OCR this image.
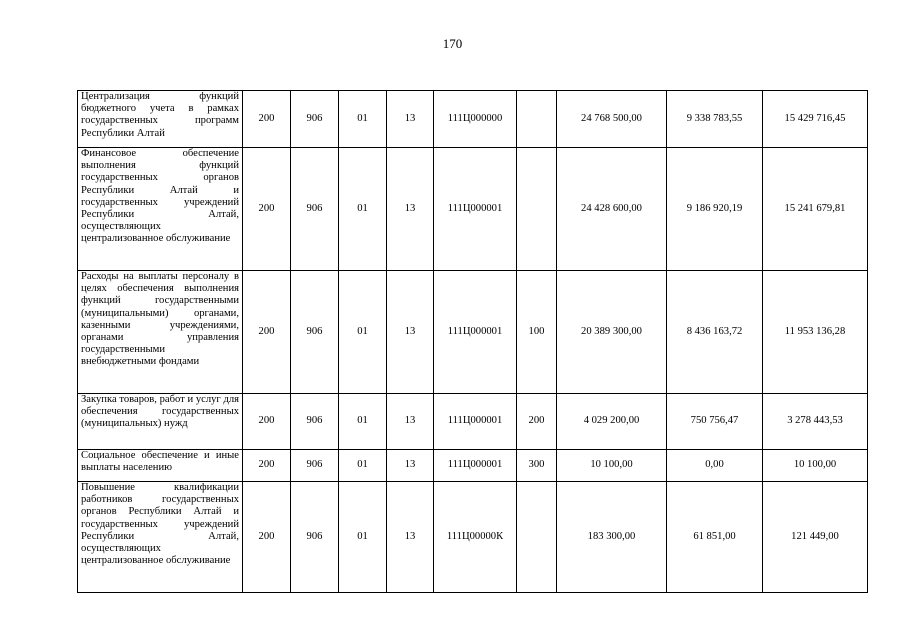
170
Централизация функций бюджетного учета в рамках государственных программ Республики Алтай	200	906	01	13	111Ц000000		24 768 500,00	9 338 783,55	15 429 716,45
Финансовое обеспечение выполнения функций государственных органов Республики Алтай и государственных учреждений Республики Алтай, осуществляющих централизованное обслуживание	200	906	01	13	111Ц000001		24 428 600,00	9 186 920,19	15 241 679,81
Расходы на выплаты персоналу в целях обеспечения выполнения функций государственными (муниципальными) органами, казенными учреждениями, органами управления государственными внебюджетными фондами	200	906	01	13	111Ц000001	100	20 389 300,00	8 436 163,72	11 953 136,28
Закупка товаров, работ и услуг для обеспечения государственных (муниципальных) нужд	200	906	01	13	111Ц000001	200	4 029 200,00	750 756,47	3 278 443,53
Социальное обеспечение и иные выплаты населению	200	906	01	13	111Ц000001	300	10 100,00	0,00	10 100,00
Повышение квалификации работников государственных органов Республики Алтай и государственных учреждений Республики Алтай, осуществляющих централизованное обслуживание	200	906	01	13	111Ц00000К		183 300,00	61 851,00	121 449,00
